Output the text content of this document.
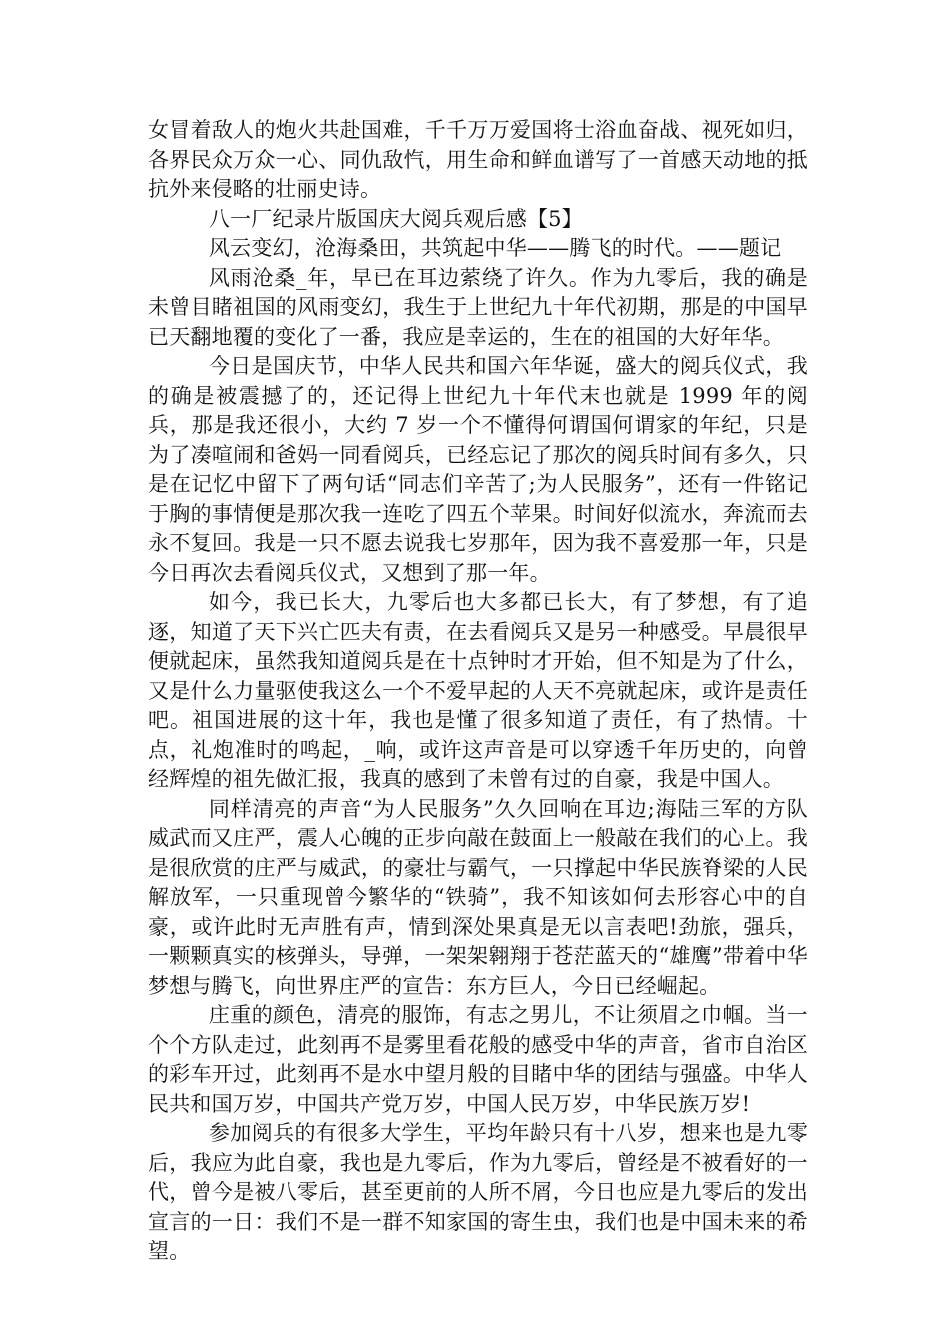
女冒着敌人的炮火共赴国难，千千万万爱国将士浴血奋战、视死如归，各界民众万众一心、同仇敌忾，用生命和鲜血谱写了一首感天动地的抵抗外来侵略的壮丽史诗。

八一厂纪录片版国庆大阅兵观后感【5】

风云变幻，沧海桑田，共筑起中华——腾飞的时代。——题记

风雨沧桑_年，早已在耳边萦绕了许久。作为九零后，我的确是未曾目睹祖国的风雨变幻，我生于上世纪九十年代初期，那是的中国早已天翻地覆的变化了一番，我应是幸运的，生在的祖国的大好年华。

今日是国庆节，中华人民共和国六年华诞，盛大的阅兵仪式，我的确是被震撼了的，还记得上世纪九十年代末也就是 1999 年的阅兵，那是我还很小，大约 7 岁一个不懂得何谓国何谓家的年纪，只是为了凑喧闹和爸妈一同看阅兵，已经忘记了那次的阅兵时间有多久，只是在记忆中留下了两句话“同志们辛苦了;为人民服务”，还有一件铭记于胸的事情便是那次我一连吃了四五个苹果。时间好似流水，奔流而去永不复回。我是一只不愿去说我七岁那年，因为我不喜爱那一年，只是今日再次去看阅兵仪式，又想到了那一年。

如今，我已长大，九零后也大多都已长大，有了梦想，有了追逐，知道了天下兴亡匹夫有责，在去看阅兵又是另一种感受。早晨很早便就起床，虽然我知道阅兵是在十点钟时才开始，但不知是为了什么，又是什么力量驱使我这么一个不爱早起的人天不亮就起床，或许是责任吧。祖国进展的这十年，我也是懂了很多知道了责任，有了热情。十点，礼炮准时的鸣起，_响，或许这声音是可以穿透千年历史的，向曾经辉煌的祖先做汇报，我真的感到了未曾有过的自豪，我是中国人。

同样清亮的声音“为人民服务”久久回响在耳边;海陆三军的方队威武而又庄严，震人心魄的正步向敲在鼓面上一般敲在我们的心上。我是很欣赏的庄严与威武，的豪壮与霸气，一只撑起中华民族脊梁的人民解放军，一只重现曾今繁华的“铁骑”，我不知该如何去形容心中的自豪，或许此时无声胜有声，情到深处果真是无以言表吧!劲旅，强兵，一颗颗真实的核弹头，导弹，一架架翱翔于苍茫蓝天的“雄鹰”带着中华梦想与腾飞，向世界庄严的宣告：东方巨人，今日已经崛起。

庄重的颜色，清亮的服饰，有志之男儿，不让须眉之巾帼。当一个个方队走过，此刻再不是雾里看花般的感受中华的声音，省市自治区的彩车开过，此刻再不是水中望月般的目睹中华的团结与强盛。中华人民共和国万岁，中国共产党万岁，中国人民万岁，中华民族万岁!

参加阅兵的有很多大学生，平均年龄只有十八岁，想来也是九零后，我应为此自豪，我也是九零后，作为九零后，曾经是不被看好的一代，曾今是被八零后，甚至更前的人所不屑，今日也应是九零后的发出宣言的一日：我们不是一群不知家国的寄生虫，我们也是中国未来的希望。
